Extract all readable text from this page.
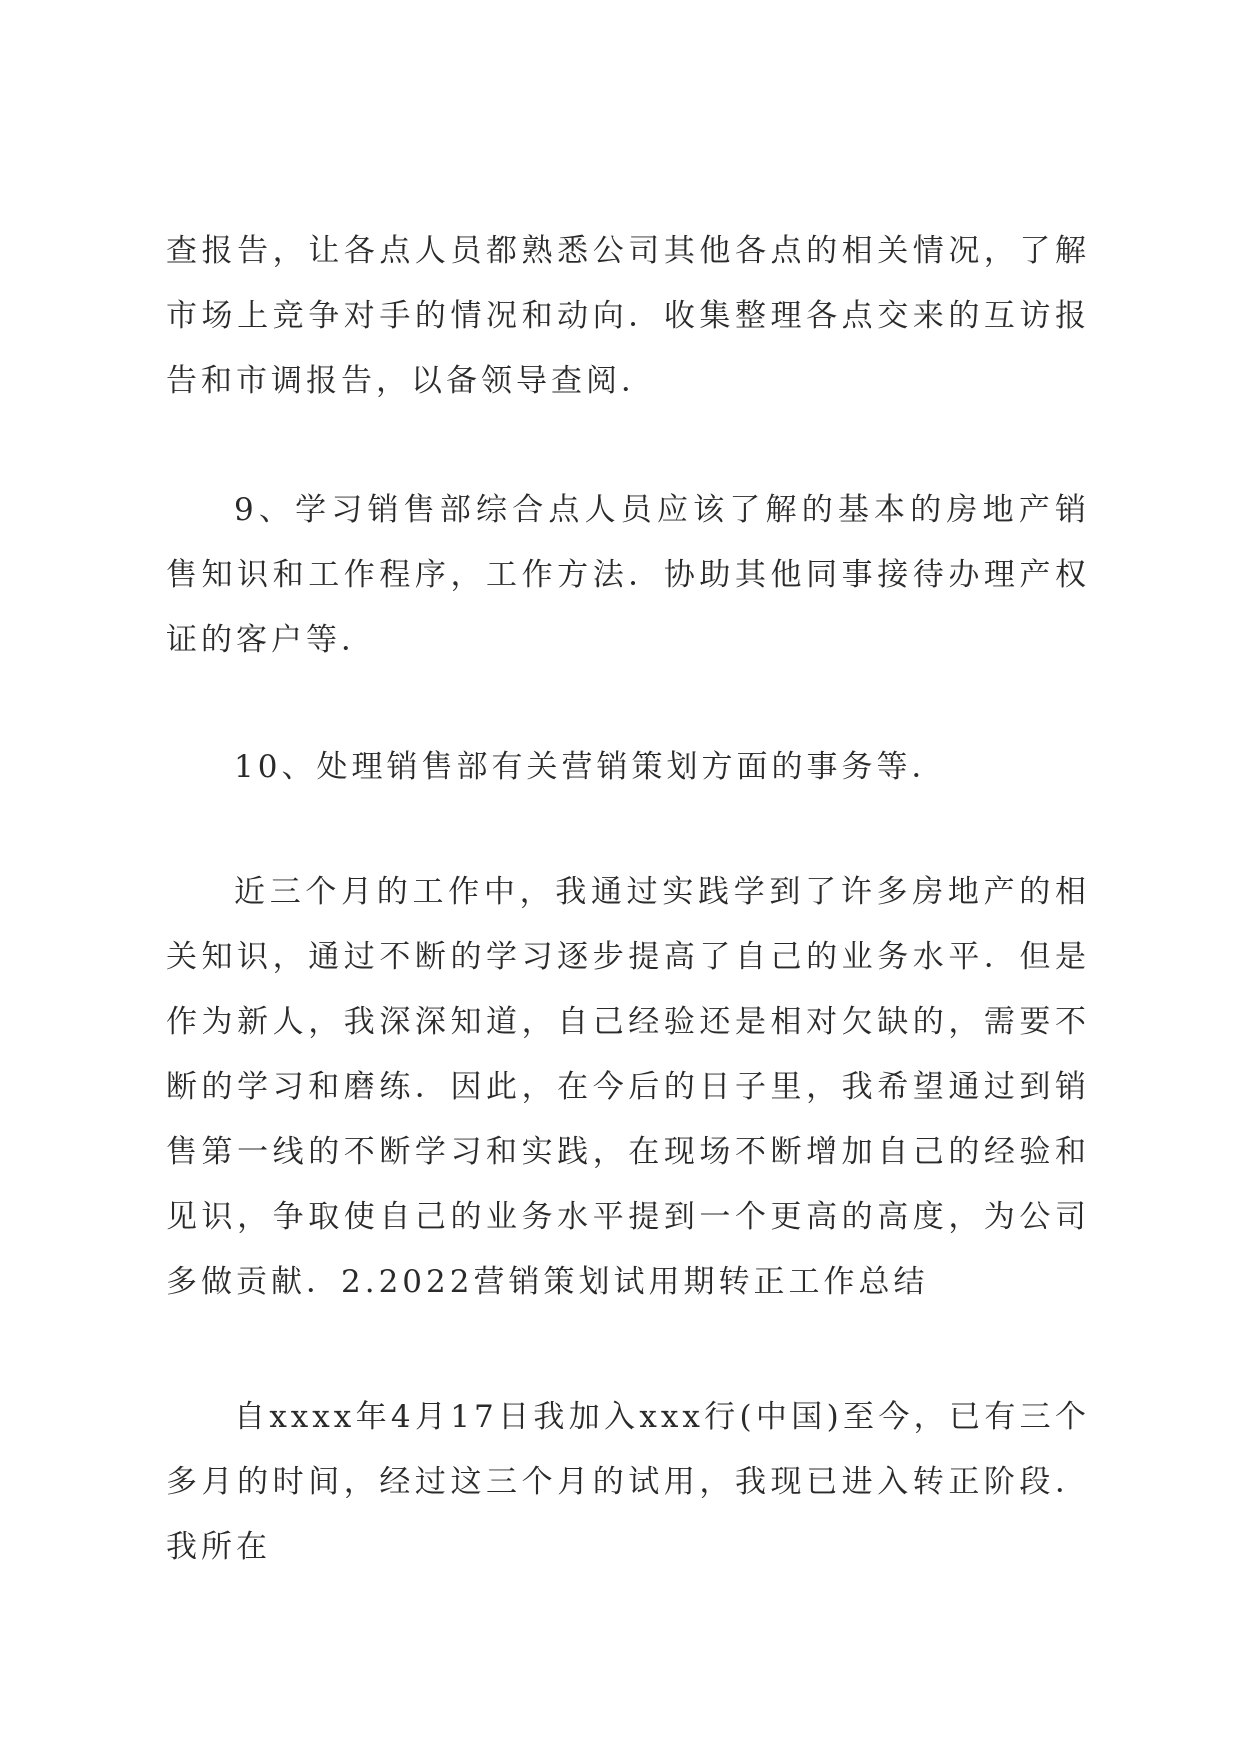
查报告，让各点人员都熟悉公司其他各点的相关情况，了解市场上竞争对手的情况和动向．收集整理各点交来的互访报告和市调报告，以备领导查阅．

9、学习销售部综合点人员应该了解的基本的房地产销售知识和工作程序，工作方法．协助其他同事接待办理产权证的客户等．

10、处理销售部有关营销策划方面的事务等．

近三个月的工作中，我通过实践学到了许多房地产的相关知识，通过不断的学习逐步提高了自己的业务水平．但是作为新人，我深深知道，自己经验还是相对欠缺的，需要不断的学习和磨练．因此，在今后的日子里，我希望通过到销售第一线的不断学习和实践，在现场不断增加自己的经验和见识，争取使自己的业务水平提到一个更高的高度，为公司多做贡献．2.2022营销策划试用期转正工作总结

自xxxx年4月17日我加入xxx行(中国)至今，已有三个多月的时间，经过这三个月的试用，我现已进入转正阶段．我所在
